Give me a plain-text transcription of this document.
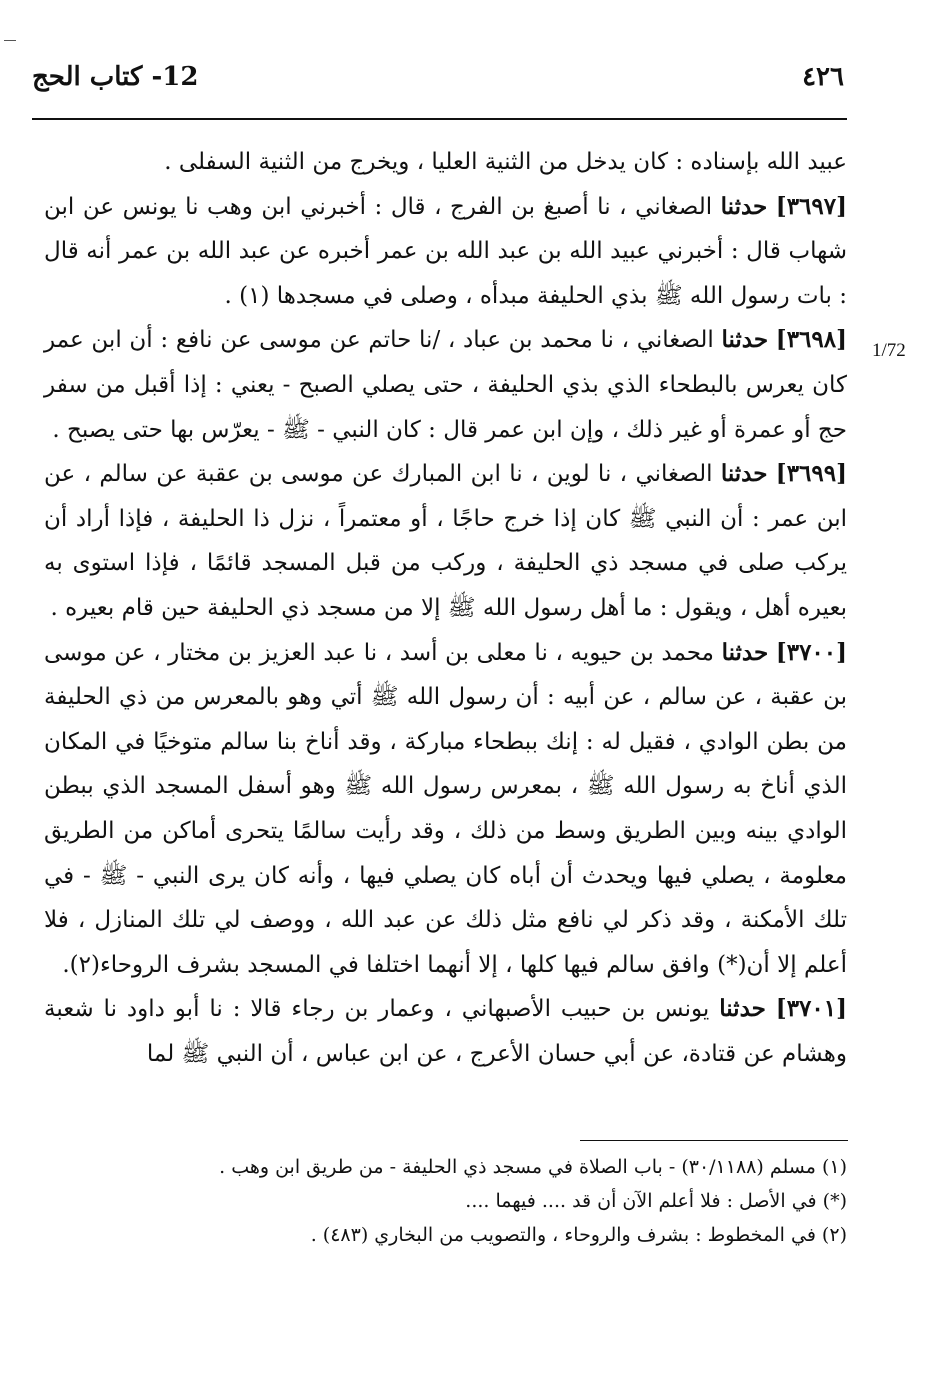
12- كتاب الحج	٤٢٦
1/72

عبيد الله بإسناده : كان يدخل من الثنية العليا ، ويخرج من الثنية السفلى .

[٣٦٩٧] حدثنا الصغاني ، نا أصبغ بن الفرج ، قال : أخبرني ابن وهب نا يونس عن ابن شهاب قال : أخبرني عبيد الله بن عبد الله بن عمر أخبره عن عبد الله بن عمر أنه قال : بات رسول الله ﷺ بذي الحليفة مبدأه ، وصلى في مسجدها (١) .

[٣٦٩٨] حدثنا الصغاني ، نا محمد بن عباد ، /نا حاتم عن موسى عن نافع : أن ابن عمر كان يعرس بالبطحاء الذي بذي الحليفة ، حتى يصلي الصبح - يعني : إذا أقبل من سفر حج أو عمرة أو غير ذلك ، وإن ابن عمر قال : كان النبي - ﷺ - يعرّس بها حتى يصبح .

[٣٦٩٩] حدثنا الصغاني ، نا لوين ، نا ابن المبارك عن موسى بن عقبة عن سالم ، عن ابن عمر : أن النبي ﷺ كان إذا خرج حاجًا ، أو معتمراً ، نزل ذا الحليفة ، فإذا أراد أن يركب صلى في مسجد ذي الحليفة ، وركب من قبل المسجد قائمًا ، فإذا استوى به بعيره أهل ، ويقول : ما أهل رسول الله ﷺ إلا من مسجد ذي الحليفة حين قام بعيره .

[٣٧٠٠] حدثنا محمد بن حيويه ، نا معلى بن أسد ، نا عبد العزيز بن مختار ، عن موسى بن عقبة ، عن سالم ، عن أبيه : أن رسول الله ﷺ أتي وهو بالمعرس من ذي الحليفة من بطن الوادي ، فقيل له : إنك ببطحاء مباركة ، وقد أناخ بنا سالم متوخيًا في المكان الذي أناخ به رسول الله ﷺ ، بمعرس رسول الله ﷺ وهو أسفل المسجد الذي ببطن الوادي بينه وبين الطريق وسط من ذلك ، وقد رأيت سالمًا يتحرى أماكن من الطريق معلومة ، يصلي فيها ويحدث أن أباه كان يصلي فيها ، وأنه كان يرى النبي - ﷺ - في تلك الأمكنة ، وقد ذكر لي نافع مثل ذلك عن عبد الله ، ووصف لي تلك المنازل ، فلا أعلم إلا أن(*) وافق سالم فيها كلها ، إلا أنهما اختلفا في المسجد بشرف الروحاء(٢).

[٣٧٠١] حدثنا يونس بن حبيب الأصبهاني ، وعمار بن رجاء قالا : نا أبو داود نا شعبة وهشام عن قتادة، عن أبي حسان الأعرج ، عن ابن عباس ، أن النبي ﷺ لما

(١) مسلم (٣٠/١١٨٨) - باب الصلاة في مسجد ذي الحليفة - من طريق ابن وهب .

(*) في الأصل : فلا أعلم الآن أن قد .... فيهما ....

(٢) في المخطوط : بشرف والروحاء ، والتصويب من البخاري (٤٨٣) .
